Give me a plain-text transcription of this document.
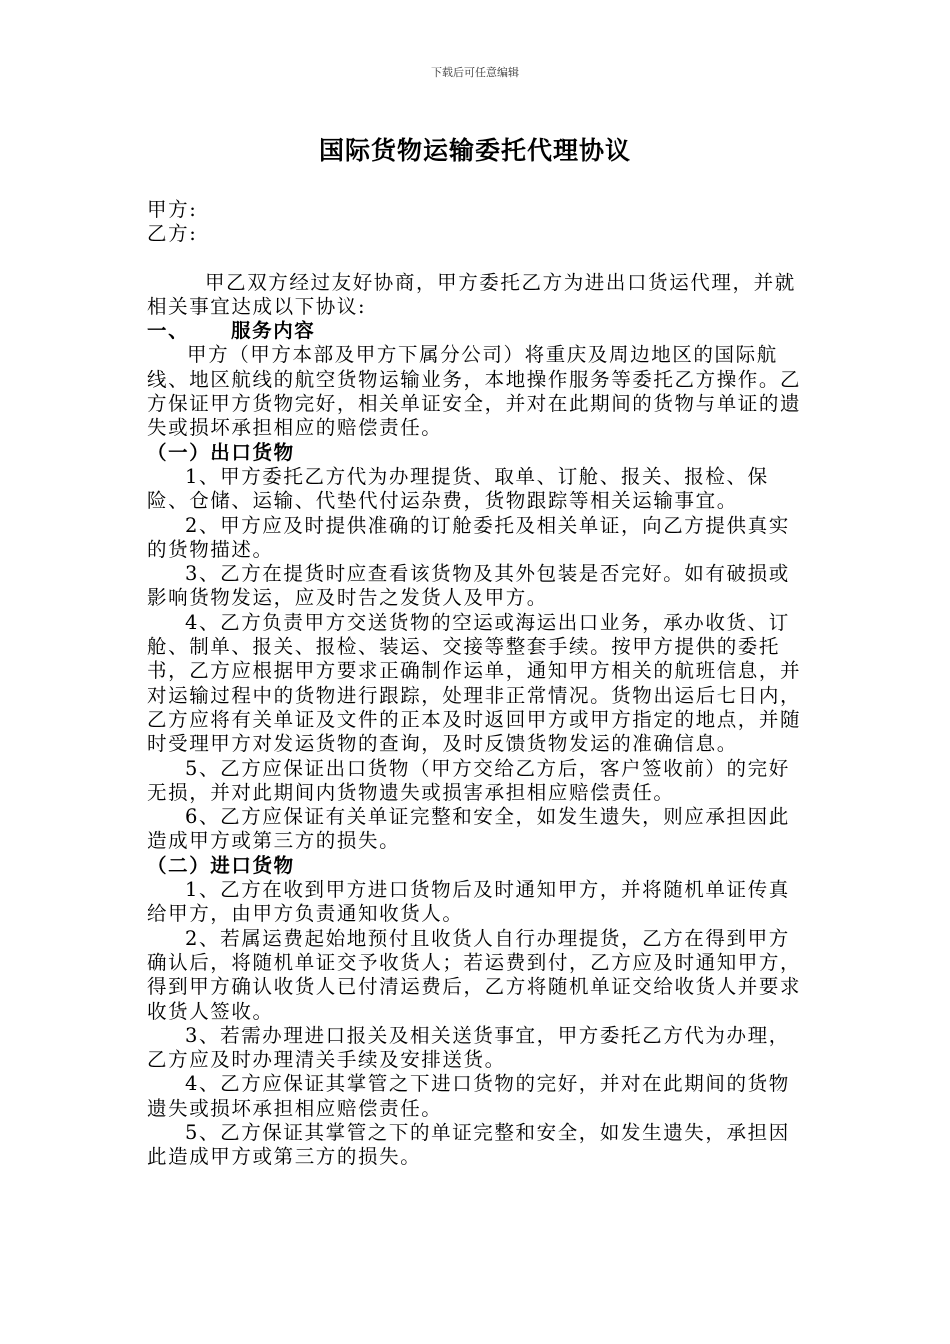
下载后可任意编辑
国际货物运输委托代理协议

甲方:

乙方:

甲乙双方经过友好协商，甲方委托乙方为进出口货运代理，并就相关事宜达成以下协议:

一、 服务内容

甲方（甲方本部及甲方下属分公司）将重庆及周边地区的国际航线、地区航线的航空货物运输业务，本地操作服务等委托乙方操作。乙方保证甲方货物完好，相关单证安全，并对在此期间的货物与单证的遗失或损坏承担相应的赔偿责任。

（一）出口货物

1、甲方委托乙方代为办理提货、取单、订舱、报关、报检、保险、仓储、运输、代垫代付运杂费，货物跟踪等相关运输事宜。

2、甲方应及时提供准确的订舱委托及相关单证，向乙方提供真实的货物描述。

3、乙方在提货时应查看该货物及其外包装是否完好。如有破损或影响货物发运，应及时告之发货人及甲方。

4、乙方负责甲方交送货物的空运或海运出口业务，承办收货、订舱、制单、报关、报检、装运、交接等整套手续。按甲方提供的委托书，乙方应根据甲方要求正确制作运单，通知甲方相关的航班信息，并对运输过程中的货物进行跟踪，处理非正常情况。货物出运后七日内，乙方应将有关单证及文件的正本及时返回甲方或甲方指定的地点，并随时受理甲方对发运货物的查询，及时反馈货物发运的准确信息。

5、乙方应保证出口货物（甲方交给乙方后，客户签收前）的完好无损，并对此期间内货物遗失或损害承担相应赔偿责任。

6、乙方应保证有关单证完整和安全，如发生遗失，则应承担因此造成甲方或第三方的损失。

（二）进口货物

1、乙方在收到甲方进口货物后及时通知甲方，并将随机单证传真给甲方，由甲方负责通知收货人。

2、若属运费起始地预付且收货人自行办理提货，乙方在得到甲方确认后，将随机单证交予收货人；若运费到付，乙方应及时通知甲方，得到甲方确认收货人已付清运费后，乙方将随机单证交给收货人并要求收货人签收。

3、若需办理进口报关及相关送货事宜，甲方委托乙方代为办理，乙方应及时办理清关手续及安排送货。

4、乙方应保证其掌管之下进口货物的完好，并对在此期间的货物遗失或损坏承担相应赔偿责任。

5、乙方保证其掌管之下的单证完整和安全，如发生遗失，承担因此造成甲方或第三方的损失。
